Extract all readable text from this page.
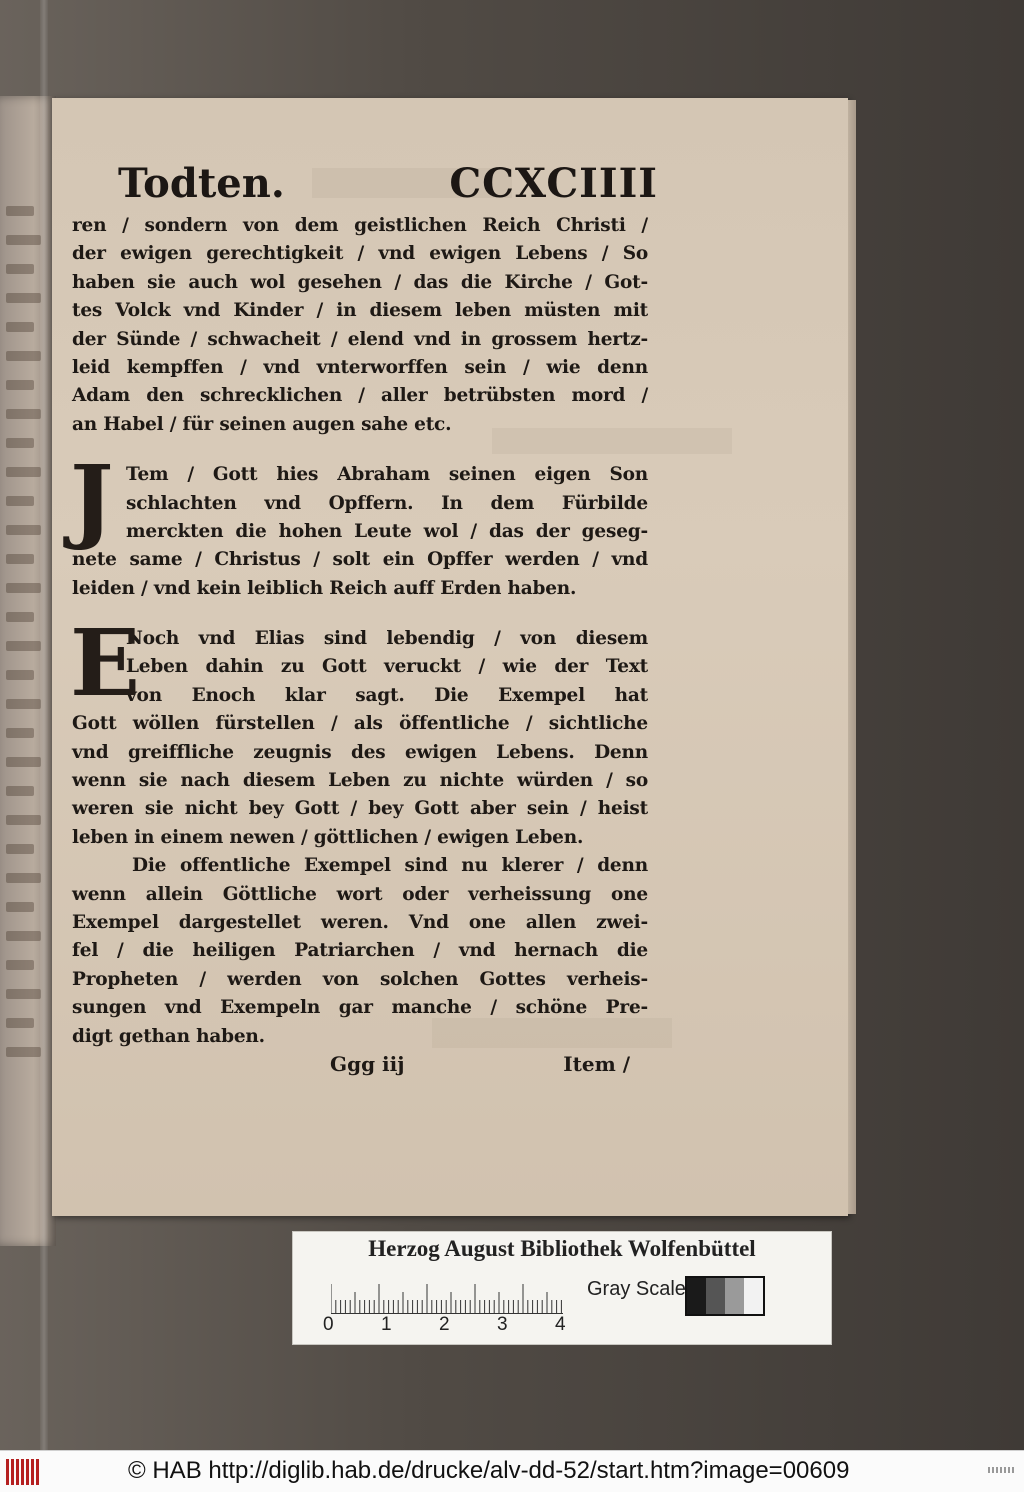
Todten.	CCXCIIII
ren / sondern von dem geistlichen Reich Christi /
der ewigen gerechtigkeit / vnd ewigen Lebens / So
haben sie auch wol gesehen / das die Kirche / Got-
tes Volck vnd Kinder / in diesem leben müsten mit
der Sünde / schwacheit / elend vnd in grossem hertz-
leid kempffen / vnd vnterworffen sein / wie denn
Adam den schrecklichen / aller betrübsten mord /
an Habel / für seinen augen sahe etc.
J Tem / Gott hies Abraham seinen eigen Son
schlachten vnd Opffern. In dem Fürbilde
merckten die hohen Leute wol / das der geseg-
nete same / Christus / solt ein Opffer werden / vnd
leiden / vnd kein leiblich Reich auff Erden haben.
E
Noch vnd Elias sind lebendig / von diesem
Leben dahin zu Gott veruckt / wie der Text
von Enoch klar sagt. Die Exempel hat
Gott wöllen fürstellen / als öffentliche / sichtliche
vnd greiffliche zeugnis des ewigen Lebens. Denn
wenn sie nach diesem Leben zu nichte würden / so
weren sie nicht bey Gott / bey Gott aber sein / heist
leben in einem newen / göttlichen / ewigen Leben.
Die offentliche Exempel sind nu klerer / denn
wenn allein Göttliche wort oder verheissung one
Exempel dargestellet weren. Vnd one allen zwei-
fel / die heiligen Patriarchen / vnd hernach die
Propheten / werden von solchen Gottes verheis-
sungen vnd Exempeln gar manche / schöne Pre-
digt gethan haben.
Ggg iij	Item /
Herzog August Bibliothek Wolfenbüttel
0 1 2 3 4
Gray Scale
© HAB http://diglib.hab.de/drucke/alv-dd-52/start.htm?image=00609
